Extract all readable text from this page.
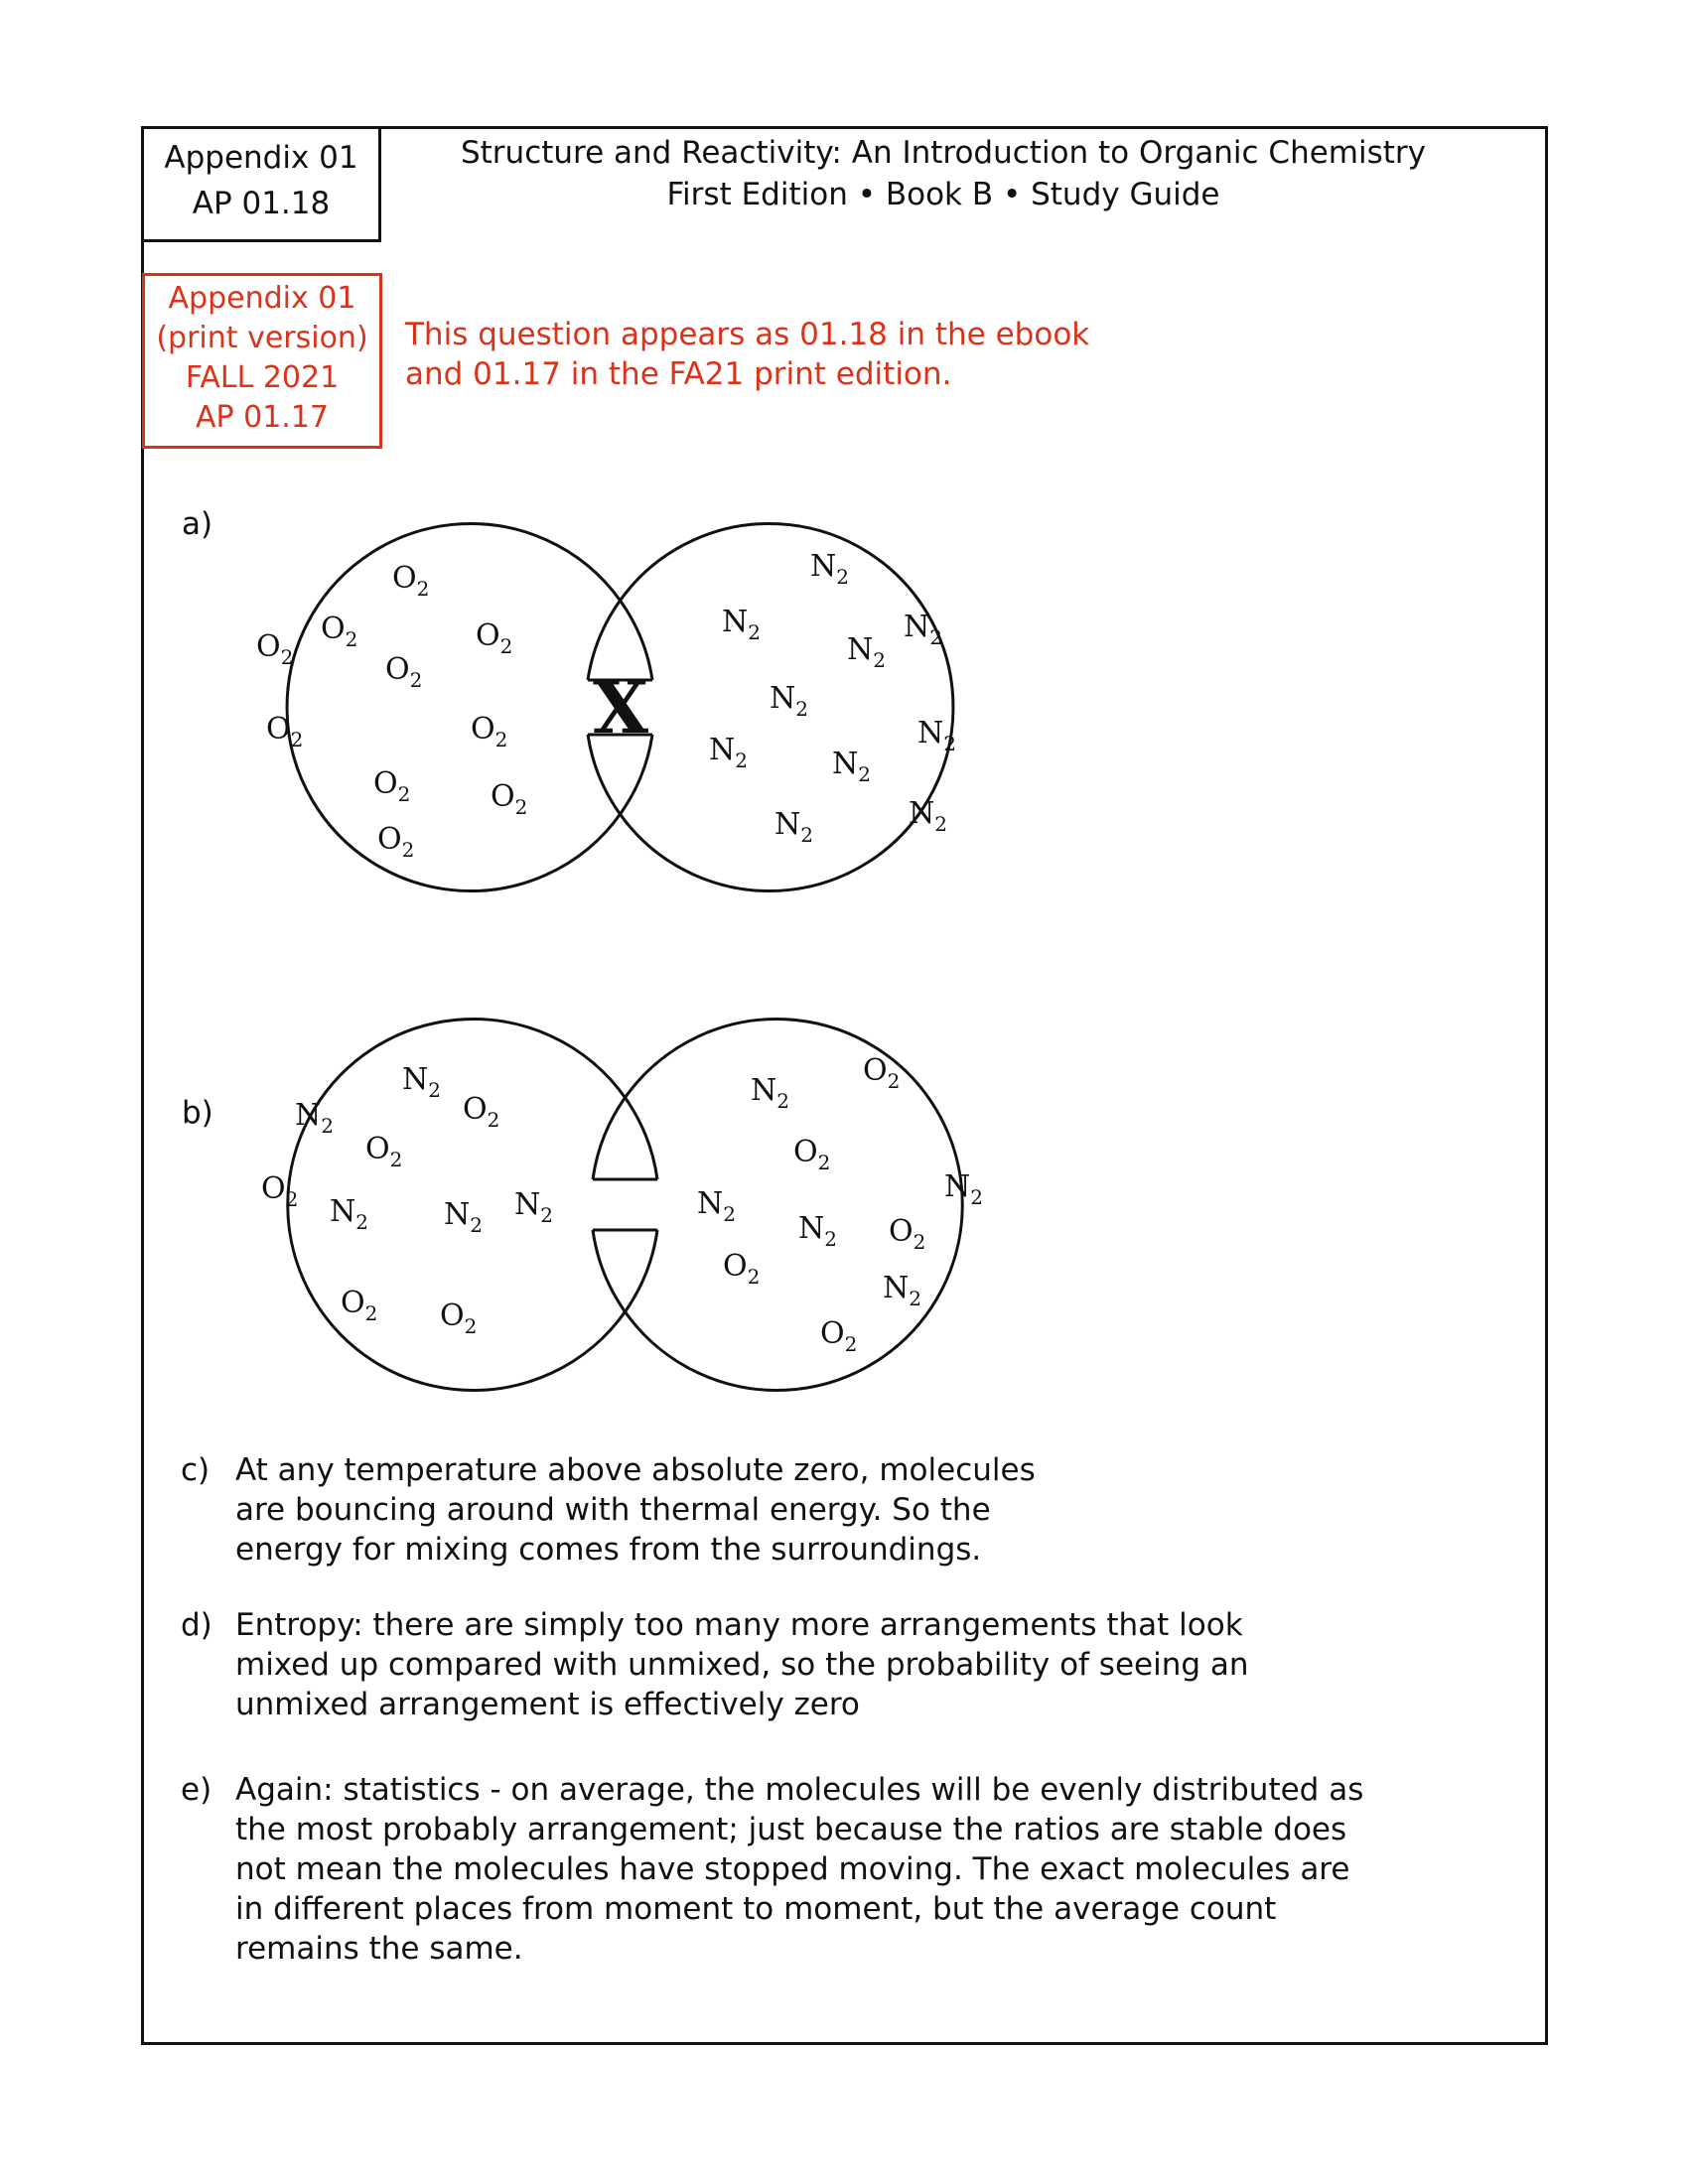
Appendix 01
AP 01.18
Structure and Reactivity: An Introduction to Organic Chemistry
First Edition • Book B • Study Guide
Appendix 01
(print version)
FALL 2021
AP 01.17
This question appears as 01.18 in the ebook
and 01.17 in the FA21 print edition.
a)
b)
X
$O_2$
$O_2$	$O_2$
$O_2$	$O_2$
$O_2$	$O_2$
$O_2$	$O_2$
$O_2$
$N_2$
$N_2$	$N_2$
$N_2$
$N_2$
$N_2$
$N_2$	$N_2$
$N_2$
$N_2$
$N_2$
$N_2$	$O_2$
$O_2$
$O_2$ $N_2$	$N_2$
$N_2$
$O_2$ $O_2$
$N_2$
$O_2$
$O_2$
$N_2$
$N_2$ $N_2$ $O_2$
$O_2$	$N_2$
$O_2$
c) At any temperature above absolute zero, molecules are bouncing around with thermal energy. So the energy for mixing comes from the surroundings.
d) Entropy: there are simply too many more arrangements that look mixed up compared with unmixed, so the probability of seeing an unmixed arrangement is effectively zero
e) Again: statistics - on average, the molecules will be evenly distributed as the most probably arrangement; just because the ratios are stable does not mean the molecules have stopped moving. The exact molecules are in different places from moment to moment, but the average count remains the same.
